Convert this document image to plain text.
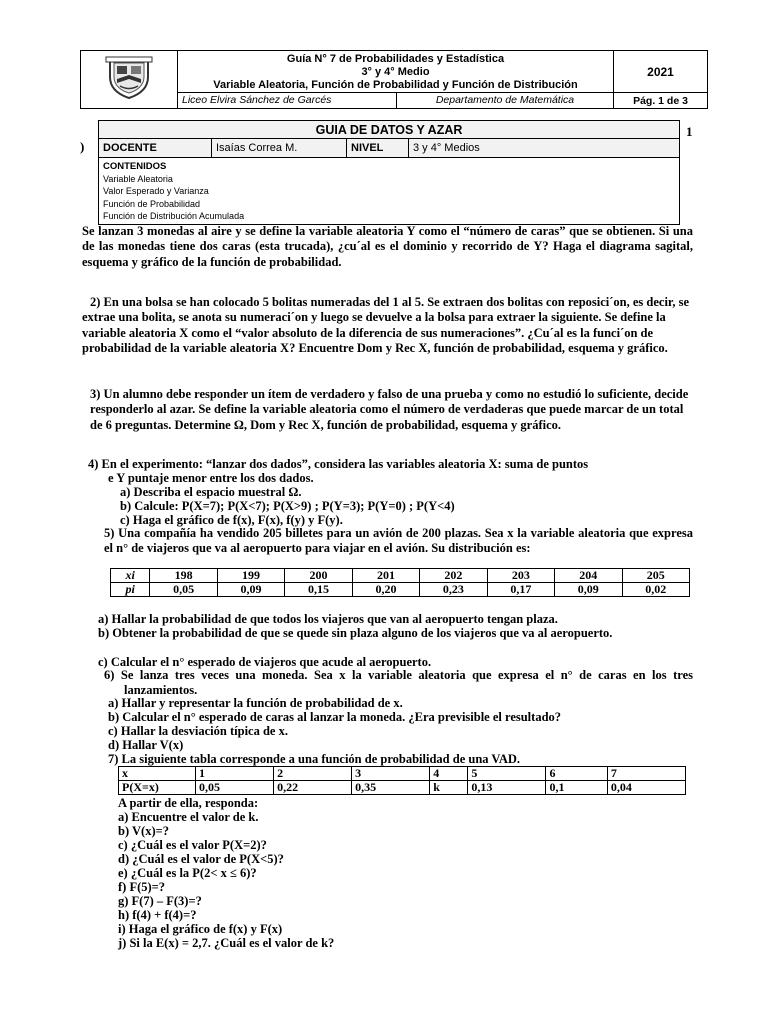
Guía N° 7 de Probabilidades y Estadística
3° y 4° Medio
Variable Aleatoria, Función de Probabilidad y Función de Distribución	2021

	Liceo Elvira Sánchez de Garcés Departamento de Matemática	Pág. 1 de 3
1
)
GUIA DE DATOS Y AZAR
DOCENTE	Isaías Correa M.	NIVEL	3 y 4° Medios
CONTENIDOS
Variable Aleatoria
Valor Esperado y Varianza
Función de Probabilidad
Función de Distribución Acumulada

Se lanzan 3 monedas al aire y se define la variable aleatoria Y como el “número de caras” que se obtienen. Si una de las monedas tiene dos caras (esta trucada), ¿cu´al es el dominio y recorrido de Y? Haga el diagrama sagital, esquema y gráfico de la función de probabilidad.

2) En una bolsa se han colocado 5 bolitas numeradas del 1 al 5. Se extraen dos bolitas con reposici´on, es decir, se extrae una bolita, se anota su numeraci´on y luego se devuelve a la bolsa para extraer la siguiente. Se define la variable aleatoria X como el “valor absoluto de la diferencia de sus numeraciones”. ¿Cu´al es la funci´on de probabilidad de la variable aleatoria X? Encuentre Dom y Rec X, función de probabilidad, esquema y gráfico.

3) Un alumno debe responder un ítem de verdadero y falso de una prueba y como no estudió lo suficiente, decide responderlo al azar. Se define la variable aleatoria como el número de verdaderas que puede marcar de un total de 6 preguntas. Determine Ω, Dom y Rec X, función de probabilidad, esquema y gráfico.

4) En el experimento: “lanzar dos dados”, considera las variables aleatoria X: suma de puntos
e Y puntaje menor entre los dos dados.
a) Describa el espacio muestral Ω.
b) Calcule: P(X=7); P(X<7); P(X>9) ; P(Y=3); P(Y=0) ; P(Y<4)
c) Haga el gráfico de f(x), F(x), f(y) y F(y).

5) Una compañía ha vendido 205 billetes para un avión de 200 plazas. Sea x la variable aleatoria que expresa el n° de viajeros que va al aeropuerto para viajar en el avión. Su distribución es:

xi	198	199	200	201	202	203	204	205
pi	0,05	0,09	0,15	0,20	0,23	0,17	0,09	0,02
a) Hallar la probabilidad de que todos los viajeros que van al aeropuerto tengan plaza.

b) Obtener la probabilidad de que se quede sin plaza alguno de los viajeros que va al aeropuerto.

c) Calcular el n° esperado de viajeros que acude al aeropuerto.

6) Se lanza tres veces una moneda. Sea x la variable aleatoria que expresa el n° de caras en los tres lanzamientos.

a) Hallar y representar la función de probabilidad de x.
b) Calcular el n° esperado de caras al lanzar la moneda. ¿Era previsible el resultado?
c) Hallar la desviación típica de x.
d) Hallar V(x)
7) La siguiente tabla corresponde a una función de probabilidad de una VAD.
x	1	2	3	4	5	6	7
P(X=x)	0,05	0,22	0,35	k	0,13	0,1	0,04
A partir de ella, responda:
a) Encuentre el valor de k.
b) V(x)=?
c) ¿Cuál es el valor P(X=2)?
d) ¿Cuál es el valor de P(X<5)?
e) ¿Cuál es la P(2< x ≤ 6)?
f) F(5)=?
g) F(7) – F(3)=?
h) f(4) + f(4)=?
i) Haga el gráfico de f(x) y F(x)
j) Si la E(x) = 2,7. ¿Cuál es el valor de k?
